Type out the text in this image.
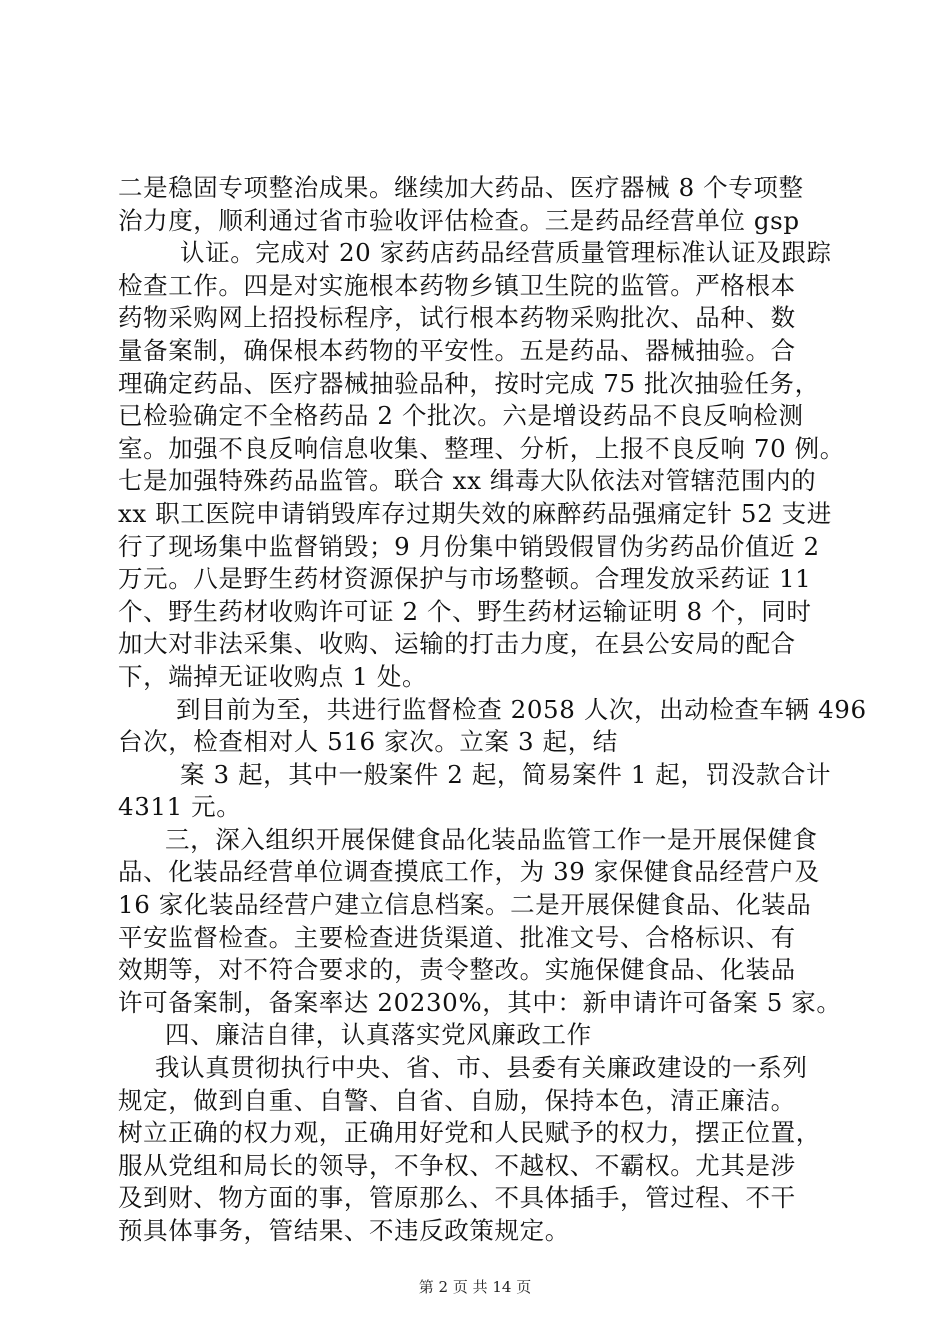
二是稳固专项整治成果。继续加大药品、医疗器械 8 个专项整
治力度，顺利通过省市验收评估检查。三是药品经营单位 gsp
认证。完成对 20 家药店药品经营质量管理标准认证及跟踪
检查工作。四是对实施根本药物乡镇卫生院的监管。严格根本
药物采购网上招投标程序，试行根本药物采购批次、品种、数
量备案制，确保根本药物的平安性。五是药品、器械抽验。合
理确定药品、医疗器械抽验品种，按时完成 75 批次抽验任务，
已检验确定不全格药品 2 个批次。六是增设药品不良反响检测
室。加强不良反响信息收集、整理、分析，上报不良反响 70 例。
七是加强特殊药品监管。联合 xx 缉毒大队依法对管辖范围内的
xx 职工医院申请销毁库存过期失效的麻醉药品强痛定针 52 支进
行了现场集中监督销毁；9 月份集中销毁假冒伪劣药品价值近 2
万元。八是野生药材资源保护与市场整顿。合理发放采药证 11
个、野生药材收购许可证 2 个、野生药材运输证明 8 个，同时
加大对非法采集、收购、运输的打击力度，在县公安局的配合
下，端掉无证收购点 1 处。
到目前为至，共进行监督检查 2058 人次，出动检查车辆 496
台次，检查相对人 516 家次。立案 3 起，结
案 3 起，其中一般案件 2 起，简易案件 1 起，罚没款合计
4311 元。
三，深入组织开展保健食品化装品监管工作一是开展保健食
品、化装品经营单位调查摸底工作，为 39 家保健食品经营户及
16 家化装品经营户建立信息档案。二是开展保健食品、化装品
平安监督检查。主要检查进货渠道、批准文号、合格标识、有
效期等，对不符合要求的，责令整改。实施保健食品、化装品
许可备案制，备案率达 20230%，其中：新申请许可备案 5 家。
四、廉洁自律，认真落实党风廉政工作
我认真贯彻执行中央、省、市、县委有关廉政建设的一系列
规定，做到自重、自警、自省、自励，保持本色，清正廉洁。
树立正确的权力观，正确用好党和人民赋予的权力，摆正位置，
服从党组和局长的领导，不争权、不越权、不霸权。尤其是涉
及到财、物方面的事，管原那么、不具体插手，管过程、不干
预具体事务，管结果、不违反政策规定。
第 2 页 共 14 页
